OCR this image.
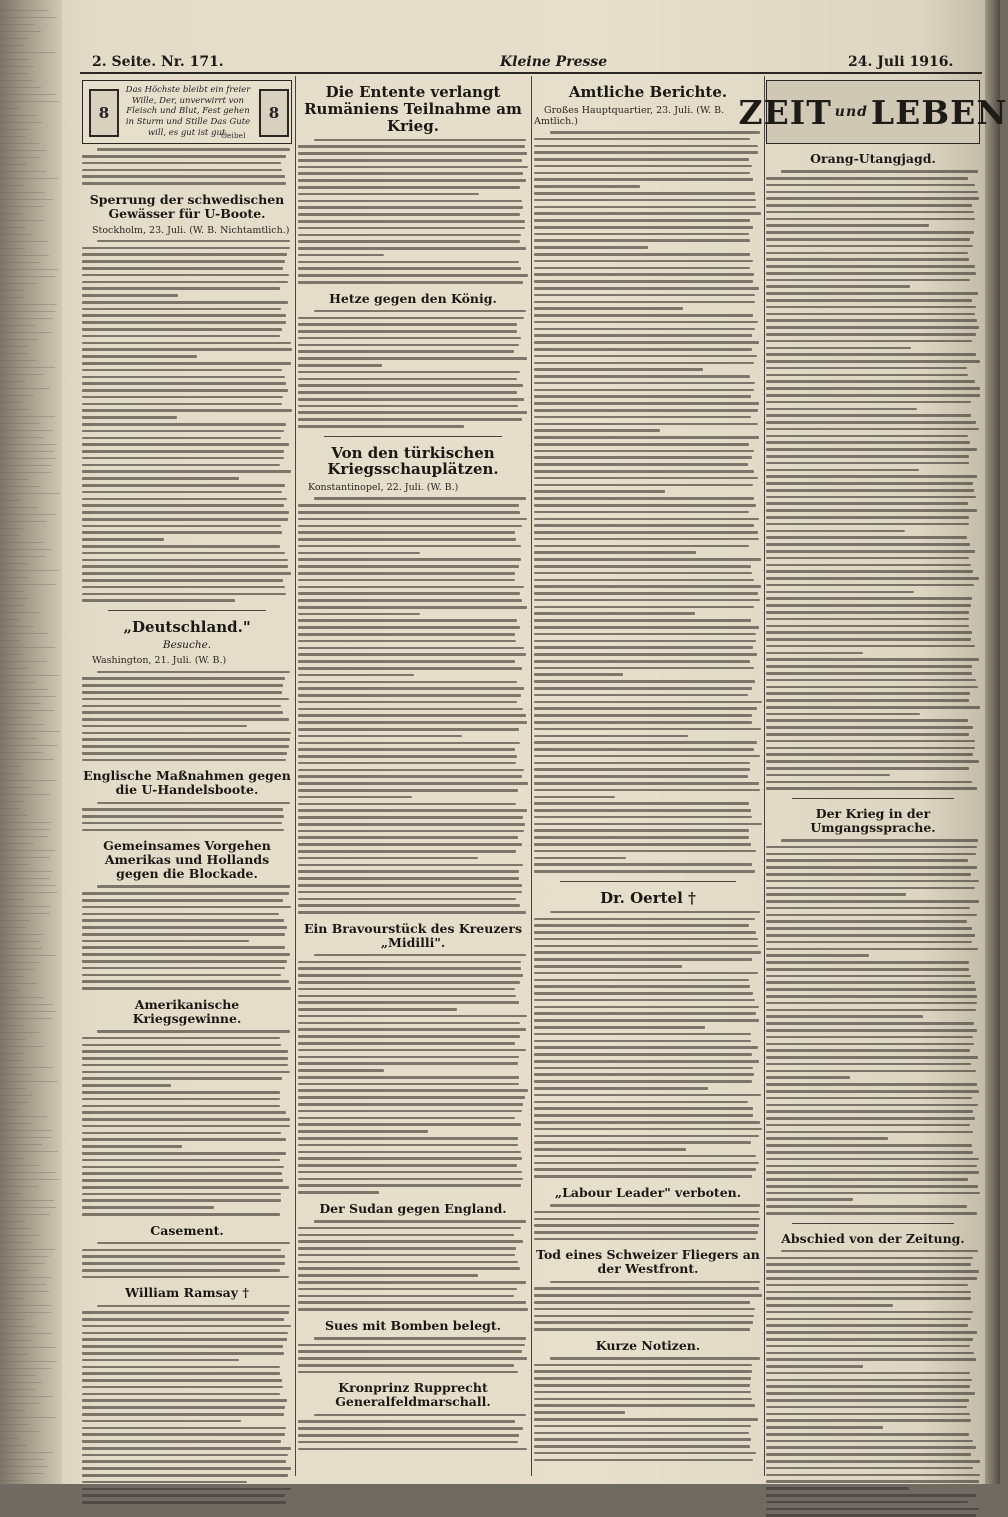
2. Seite. Nr. 171.	Kleine Presse	24. Juli 1916.
8
Das Höchste bleibt ein freier Wille, Der, unverwirrt von Fleisch und Blut, Fest gehen in Sturm und Stille Das Gute will, es gut ist gut.
Geibel
8
Sperrung der schwedischen Gewässer für U-Boote.
Stockholm, 23. Juli. (W. B. Nichtamtlich.)
„Deutschland."
Besuche.
Washington, 21. Juli. (W. B.)
Englische Maßnahmen gegen die U-Handelsboote.
Gemeinsames Vorgehen Amerikas und Hollands gegen die Blockade.
Amerikanische Kriegsgewinne.
Casement.
William Ramsay †
Die Entente verlangt Rumäniens Teilnahme am Krieg.
Hetze gegen den König.
Von den türkischen Kriegsschauplätzen.
Konstantinopel, 22. Juli. (W. B.)
Ein Bravourstück des Kreuzers „Midilli".
Der Sudan gegen England.
Sues mit Bomben belegt.
Kronprinz Rupprecht Generalfeldmarschall.
Amtliche Berichte.
Großes Hauptquartier, 23. Juli. (W. B. Amtlich.)
Dr. Oertel †
„Labour Leader" verboten.
Tod eines Schweizer Fliegers an der Westfront.
Kurze Notizen.
ZEIT und LEBEN
Orang-Utangjagd.
Der Krieg in der Umgangssprache.
Abschied von der Zeitung.
